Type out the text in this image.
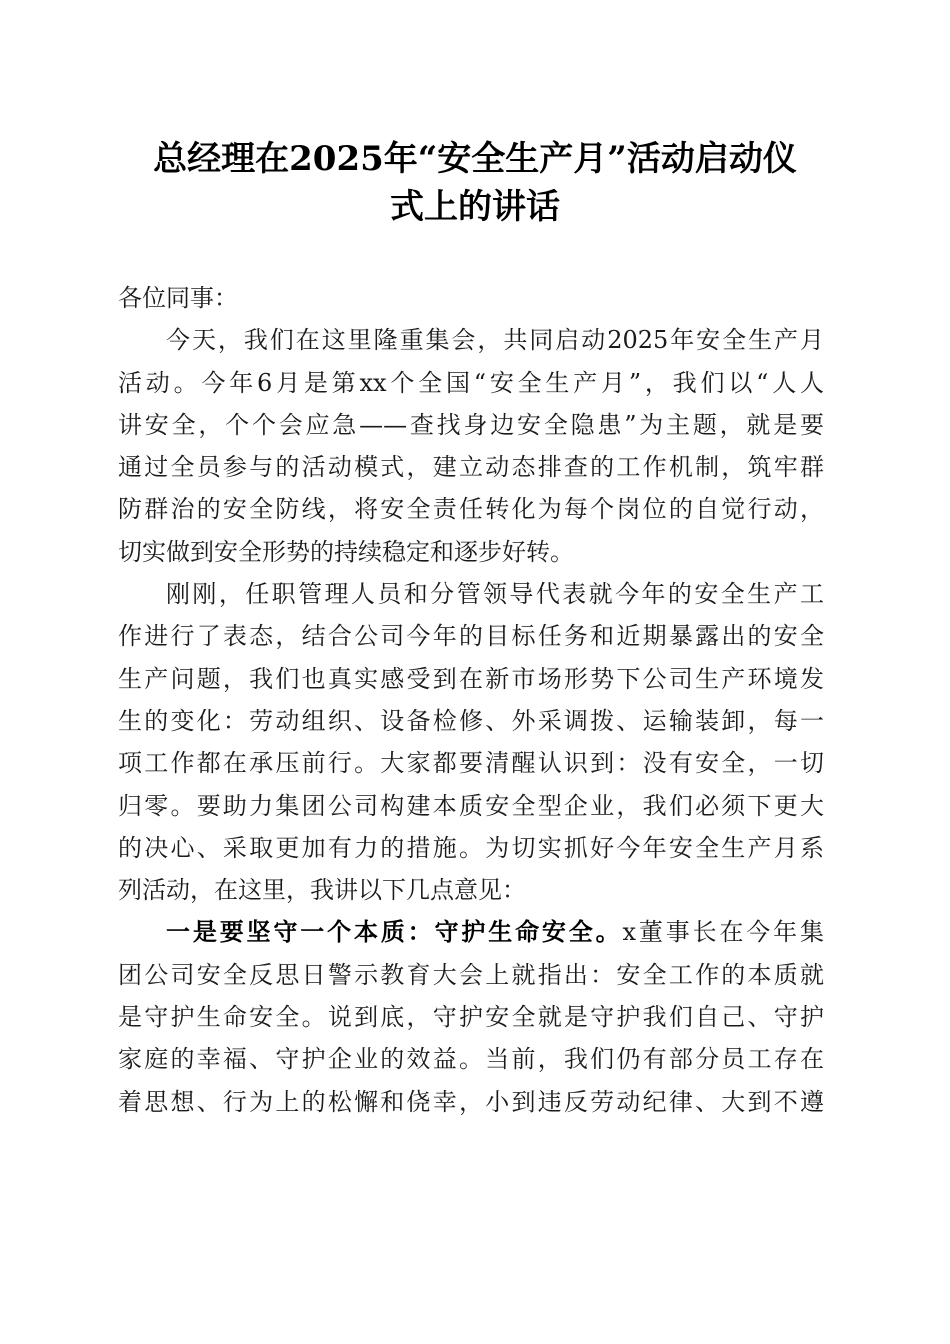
总经理在2025年“安全生产月”活动启动仪
式上的讲话

各位同事：

今天，我们在这里隆重集会，共同启动2025年安全生产月
活动。今年6月是第xx个全国“安全生产月”，我们以“人人
讲安全，个个会应急——查找身边安全隐患”为主题，就是要
通过全员参与的活动模式，建立动态排查的工作机制，筑牢群
防群治的安全防线，将安全责任转化为每个岗位的自觉行动，
切实做到安全形势的持续稳定和逐步好转。

刚刚，任职管理人员和分管领导代表就今年的安全生产工
作进行了表态，结合公司今年的目标任务和近期暴露出的安全
生产问题，我们也真实感受到在新市场形势下公司生产环境发
生的变化：劳动组织、设备检修、外采调拨、运输装卸，每一
项工作都在承压前行。大家都要清醒认识到：没有安全，一切
归零。要助力集团公司构建本质安全型企业，我们必须下更大
的决心、采取更加有力的措施。为切实抓好今年安全生产月系
列活动，在这里，我讲以下几点意见：

一是要坚守一个本质：守护生命安全。x董事长在今年集
团公司安全反思日警示教育大会上就指出：安全工作的本质就
是守护生命安全。说到底，守护安全就是守护我们自己、守护
家庭的幸福、守护企业的效益。当前，我们仍有部分员工存在
着思想、行为上的松懈和侥幸，小到违反劳动纪律、大到不遵
